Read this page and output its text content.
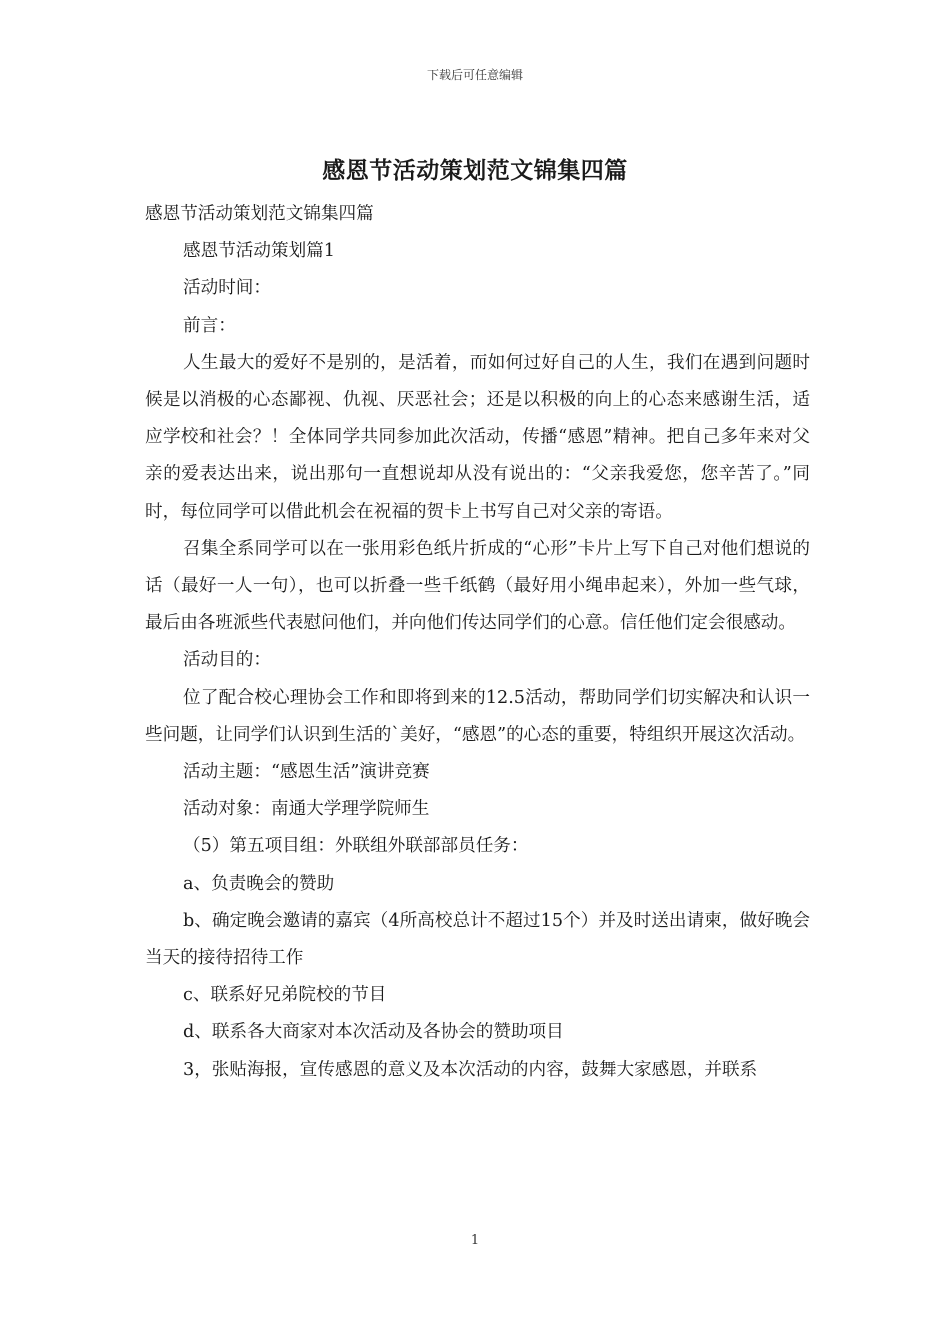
下载后可任意编辑
感恩节活动策划范文锦集四篇

感恩节活动策划范文锦集四篇

感恩节活动策划篇1

活动时间：

前言：

人生最大的爱好不是别的，是活着，而如何过好自己的人生，我们在遇到问题时候是以消极的心态鄙视、仇视、厌恶社会；还是以积极的向上的心态来感谢生活，适应学校和社会？！全体同学共同参加此次活动，传播“感恩”精神。把自己多年来对父亲的爱表达出来，说出那句一直想说却从没有说出的：“父亲我爱您，您辛苦了。”同时，每位同学可以借此机会在祝福的贺卡上书写自己对父亲的寄语。

召集全系同学可以在一张用彩色纸片折成的“心形”卡片上写下自己对他们想说的话（最好一人一句），也可以折叠一些千纸鹤（最好用小绳串起来），外加一些气球，最后由各班派些代表慰问他们，并向他们传达同学们的心意。信任他们定会很感动。

活动目的：

位了配合校心理协会工作和即将到来的12.5活动，帮助同学们切实解决和认识一些问题，让同学们认识到生活的`美好，“感恩”的心态的重要，特组织开展这次活动。

活动主题：“感恩生活”演讲竞赛

活动对象：南通大学理学院师生

（5）第五项目组：外联组外联部部员任务：

a、负责晚会的赞助

b、确定晚会邀请的嘉宾（4所高校总计不超过15个）并及时送出请柬，做好晚会当天的接待招待工作

c、联系好兄弟院校的节目

d、联系各大商家对本次活动及各协会的赞助项目

3，张贴海报，宣传感恩的意义及本次活动的内容，鼓舞大家感恩，并联系

1
